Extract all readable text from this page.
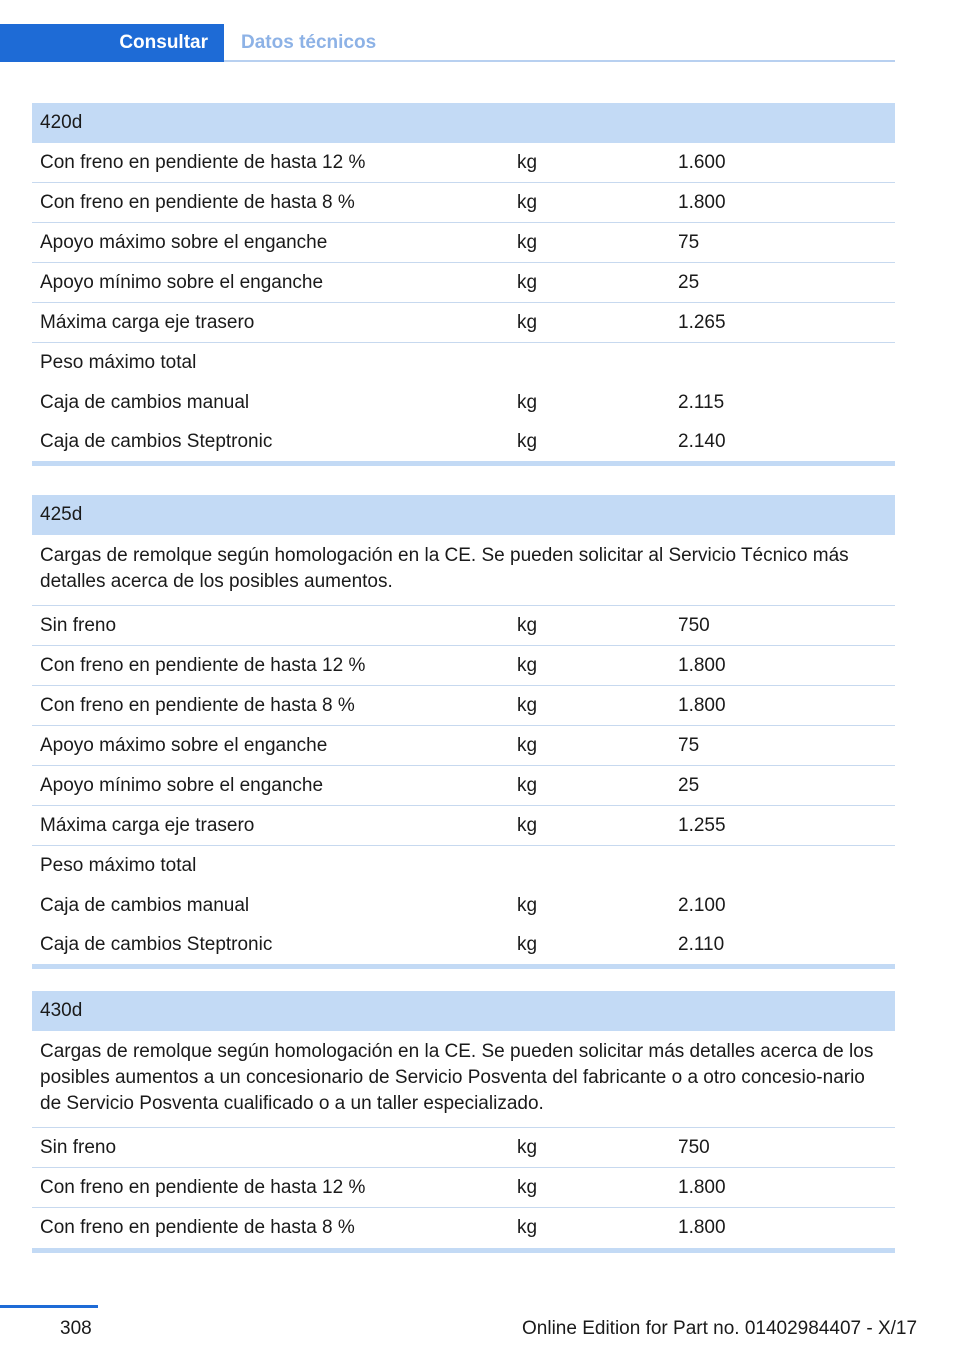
Consultar	Datos técnicos
420d
Con freno en pendiente de hasta 12 %	kg	1.600
Con freno en pendiente de hasta 8 %	kg	1.800
Apoyo máximo sobre el enganche	kg	75
Apoyo mínimo sobre el enganche	kg	25
Máxima carga eje trasero	kg	1.265
Peso máximo total
Caja de cambios manual	kg	2.115
Caja de cambios Steptronic	kg	2.140
425d
Cargas de remolque según homologación en la CE. Se pueden solicitar al Servicio Técnico más detalles acerca de los posibles aumentos.
Sin freno	kg	750
Con freno en pendiente de hasta 12 %	kg	1.800
Con freno en pendiente de hasta 8 %	kg	1.800
Apoyo máximo sobre el enganche	kg	75
Apoyo mínimo sobre el enganche	kg	25
Máxima carga eje trasero	kg	1.255
Peso máximo total
Caja de cambios manual	kg	2.100
Caja de cambios Steptronic	kg	2.110
430d
Cargas de remolque según homologación en la CE. Se pueden solicitar más detalles acerca de los posibles aumentos a un concesionario de Servicio Posventa del fabricante o a otro concesio‐nario de Servicio Posventa cualificado o a un taller especializado.
Sin freno	kg	750
Con freno en pendiente de hasta 12 %	kg	1.800
Con freno en pendiente de hasta 8 %	kg	1.800
308	Online Edition for Part no. 01402984407 - X/17
